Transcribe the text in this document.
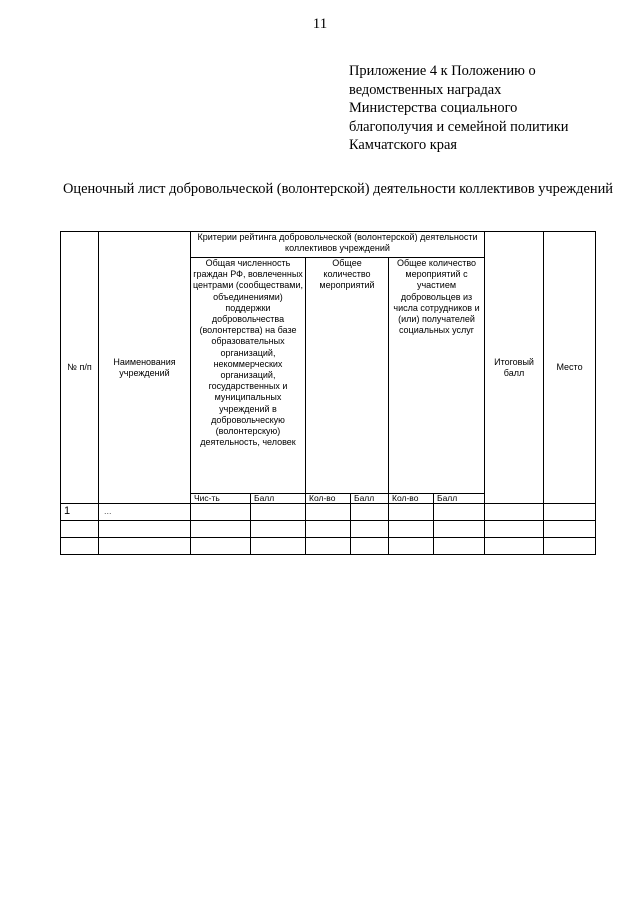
11
Приложение 4 к Положению о
ведомственных наградах
Министерства социального
благополучия и семейной политики
Камчатского края
Оценочный лист добровольческой (волонтерской) деятельности коллективов учреждений
№ п/п	Наименования учреждений	Критерии рейтинга добровольческой (волонтерской) деятельности коллективов учреждений						Итоговый балл	Место
		Общая численность граждан РФ, вовлеченных центрами (сообществами, объединениями) поддержки добровольчества (волонтерства) на базе образовательных организаций, некоммерческих организаций, государственных и муниципальных учреждений в добровольческую (волонтерскую) деятельность, человек		Общее количество мероприятий		Общее количество мероприятий с участием добровольцев из числа сотрудников и (или) получателей социальных услуг			
		Чис-ть	Балл	Кол-во	Балл	Кол-во	Балл		
1	...								
